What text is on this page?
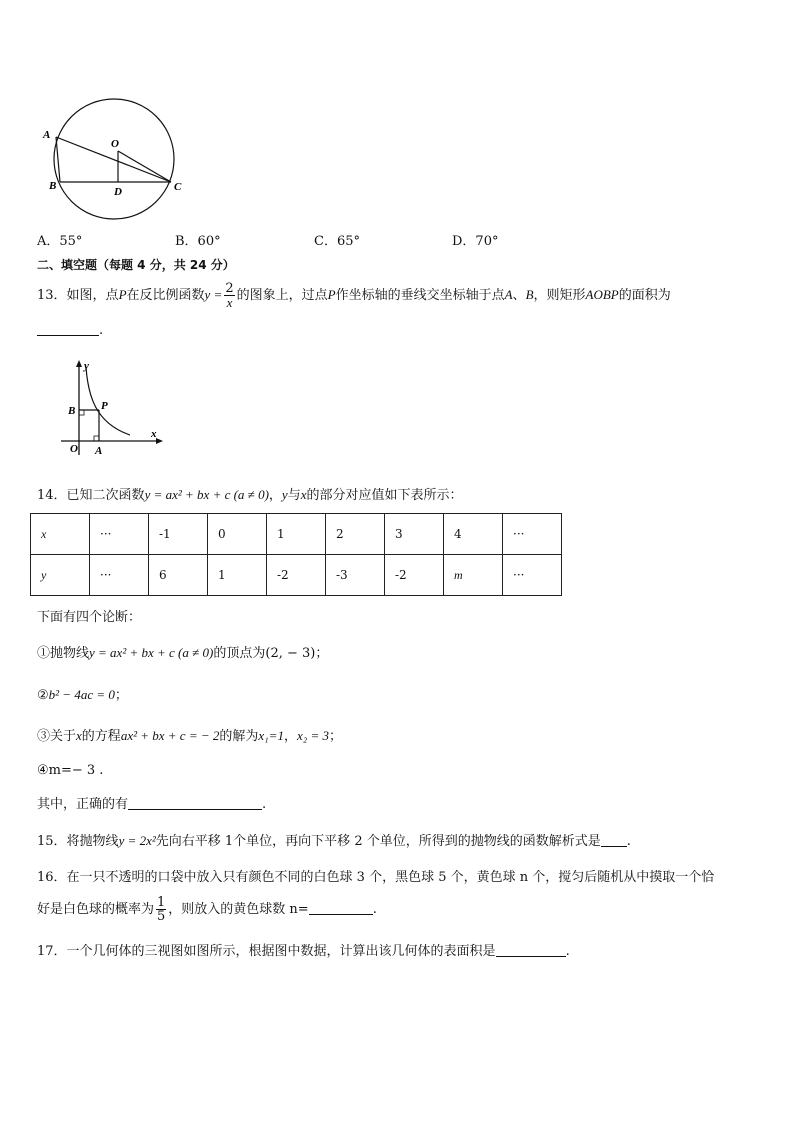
A
B
O
D	C
A．55°	B．60°	C．65°	D．70°
二、填空题（每题 4 分，共 24 分）
13．如图，点P在反比例函数$y = \frac{2}{x}$ 的图象上，过点P作坐标轴的垂线交坐标轴于点A、B，则矩形AOBP的面积为
.
y
x
B P
O A
14．已知二次函数y = ax² + bx + c (a ≠ 0)，y与x的部分对应值如下表所示：
x	···	-1	0	1	2	3	4	···
y	···	6	1	-2	-3	-2	m	···
下面有四个论断：
①抛物线y = ax² + bx + c (a ≠ 0)的顶点为(2, − 3)；
②b² − 4ac = 0；
③关于x的方程ax² + bx + c = − 2的解为x₁=1，x₂ = 3；
④m=− 3 .
其中，正确的有	.
15．将抛物线y = 2x²先向右平移 1个单位，再向下平移 2 个单位，所得到的抛物线的函数解析式是 .
16．在一只不透明的口袋中放入只有颜色不同的白色球 3 个，黑色球 5 个，黄色球 n 个，搅匀后随机从中摸取一个恰
好是白色球的概率为 $\frac{1}{5}$ ，则放入的黄色球数 n=	.
17．一个几何体的三视图如图所示，根据图中数据，计算出该几何体的表面积是	.
